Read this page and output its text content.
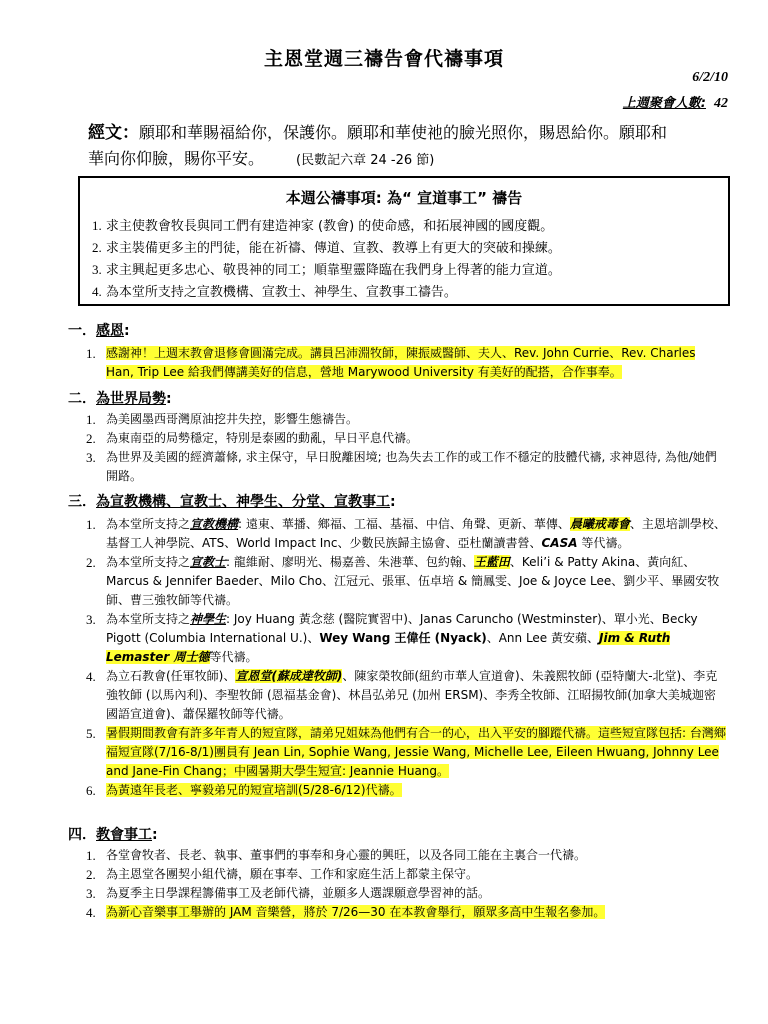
主恩堂週三禱告會代禱事項
6/2/10
上週聚會人數: 42
經文：願耶和華賜福給你，保護你。願耶和華使祂的臉光照你，賜恩給你。願耶和
華向你仰臉，賜你平安。 (民數記六章 24 -26 節)
本週公禱事項: 為“ 宣道事工” 禱告
1. 求主使教會牧長與同工們有建造神家 (教會) 的使命感，和拓展神國的國度觀。
2. 求主裝備更多主的門徒，能在祈禱、傳道、宣教、教導上有更大的突破和操練。
3. 求主興起更多忠心、敬畏神的同工；順靠聖靈降臨在我們身上得著的能力宣道。
4. 為本堂所支持之宣教機構、宣教士、神學生、宣教事工禱告。
一．感恩:
1. 感謝神！上週末教會退修會圓滿完成。講員呂沛淵牧師，陳振威醫師、夫人、Rev. John Currie、Rev. Charles Han, Trip Lee 給我們傳講美好的信息，營地 Marywood University 有美好的配搭，合作事奉。
二．為世界局勢:
1. 為美國墨西哥灣原油挖井失控，影響生態禱告。
2. 為東南亞的局勢穩定，特別是泰國的動亂，早日平息代禱。
3. 為世界及美國的經濟蕭條, 求主保守，早日脫離困境; 也為失去工作的或工作不穩定的肢體代禱, 求神恩待, 為他/她們開路。
三．為宣教機構、宣教士、神學生、分堂、宣教事工:
1. 為本堂所支持之宣教機構: 遠東、華播、鄉福、工福、基福、中信、角聲、更新、華傳、晨曦戒毒會、主恩培訓學校、基督工人神學院、ATS、World Impact Inc、少數民族歸主協會、亞杜蘭讀書營、CASA 等代禱。
2. 為本堂所支持之宣教士: 龍維耐、廖明光、楊嘉善、朱港華、包約翰、王藍田、Keli’i & Patty Akina、黃向紅、Marcus & Jennifer Baeder、Milo Cho、江冠元、張軍、伍卓培 & 簡鳳雯、Joe & Joyce Lee、劉少平、畢國安牧師、曹三強牧師等代禱。
3. 為本堂所支持之神學生: Joy Huang 黃念慈 (醫院實習中)、Janas Caruncho (Westminster)、單小光、Becky Pigott (Columbia International U.)、Wey Wang 王偉任 (Nyack)、Ann Lee 黃安蘋、Jim & Ruth Lemaster 周士德等代禱。
4. 為立石教會(任軍牧師)、宣恩堂(蘇成達牧師)、陳家榮牧師(紐約市華人宣道會)、朱義熙牧師 (亞特蘭大-北堂)、李克強牧師 (以馬內利)、李聖牧師 (恩福基金會)、林昌弘弟兄 (加州 ERSM)、李秀全牧師、江昭揚牧師(加拿大美城迦密國語宣道會)、蕭保羅牧師等代禱。
5. 暑假期間教會有許多年青人的短宣隊，請弟兄姐妹為他們有合一的心，出入平安的腳蹤代禱。這些短宣隊包括: 台灣鄉福短宣隊(7/16-8/1)團員有 Jean Lin, Sophie Wang, Jessie Wang, Michelle Lee, Eileen Hwuang, Johnny Lee and Jane-Fin Chang；中國暑期大學生短宣: Jeannie Huang。
6. 為黃遠年長老、寧毅弟兄的短宣培訓(5/28-6/12)代禱。
四．教會事工:
1. 各堂會牧者、長老、執事、董事們的事奉和身心靈的興旺，以及各同工能在主裏合一代禱。
2. 為主恩堂各團契小組代禱，願在事奉、工作和家庭生活上都蒙主保守。
3. 為夏季主日學課程籌備事工及老師代禱，並願多人選課願意學習神的話。
4. 為新心音樂事工舉辦的 JAM 音樂營，將於 7/26—30 在本教會舉行，願眾多高中生報名參加。
